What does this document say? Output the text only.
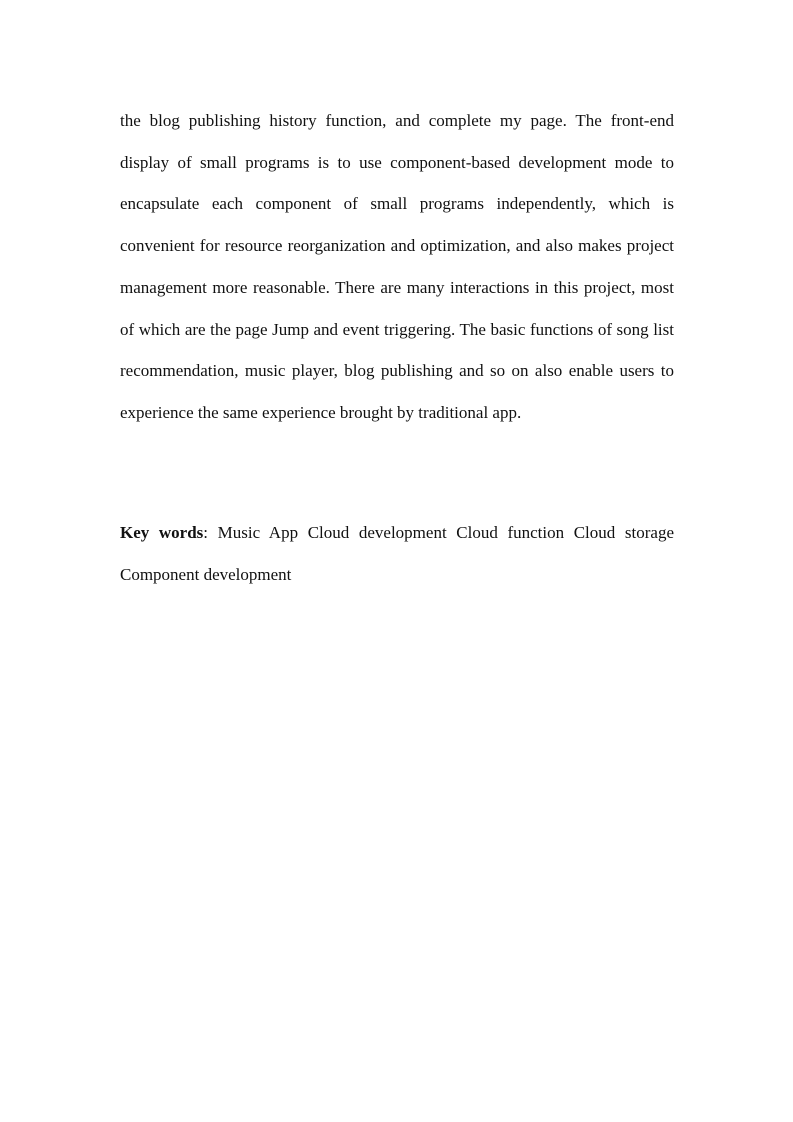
the blog publishing history function, and complete my page. The front-end display of small programs is to use component-based development mode to encapsulate each component of small programs independently, which is convenient for resource reorganization and optimization, and also makes project management more reasonable. There are many interactions in this project, most of which are the page Jump and event triggering. The basic functions of song list recommendation, music player, blog publishing and so on also enable users to experience the same experience brought by traditional app.

Key words: Music App Cloud development Cloud function Cloud storage Component development
